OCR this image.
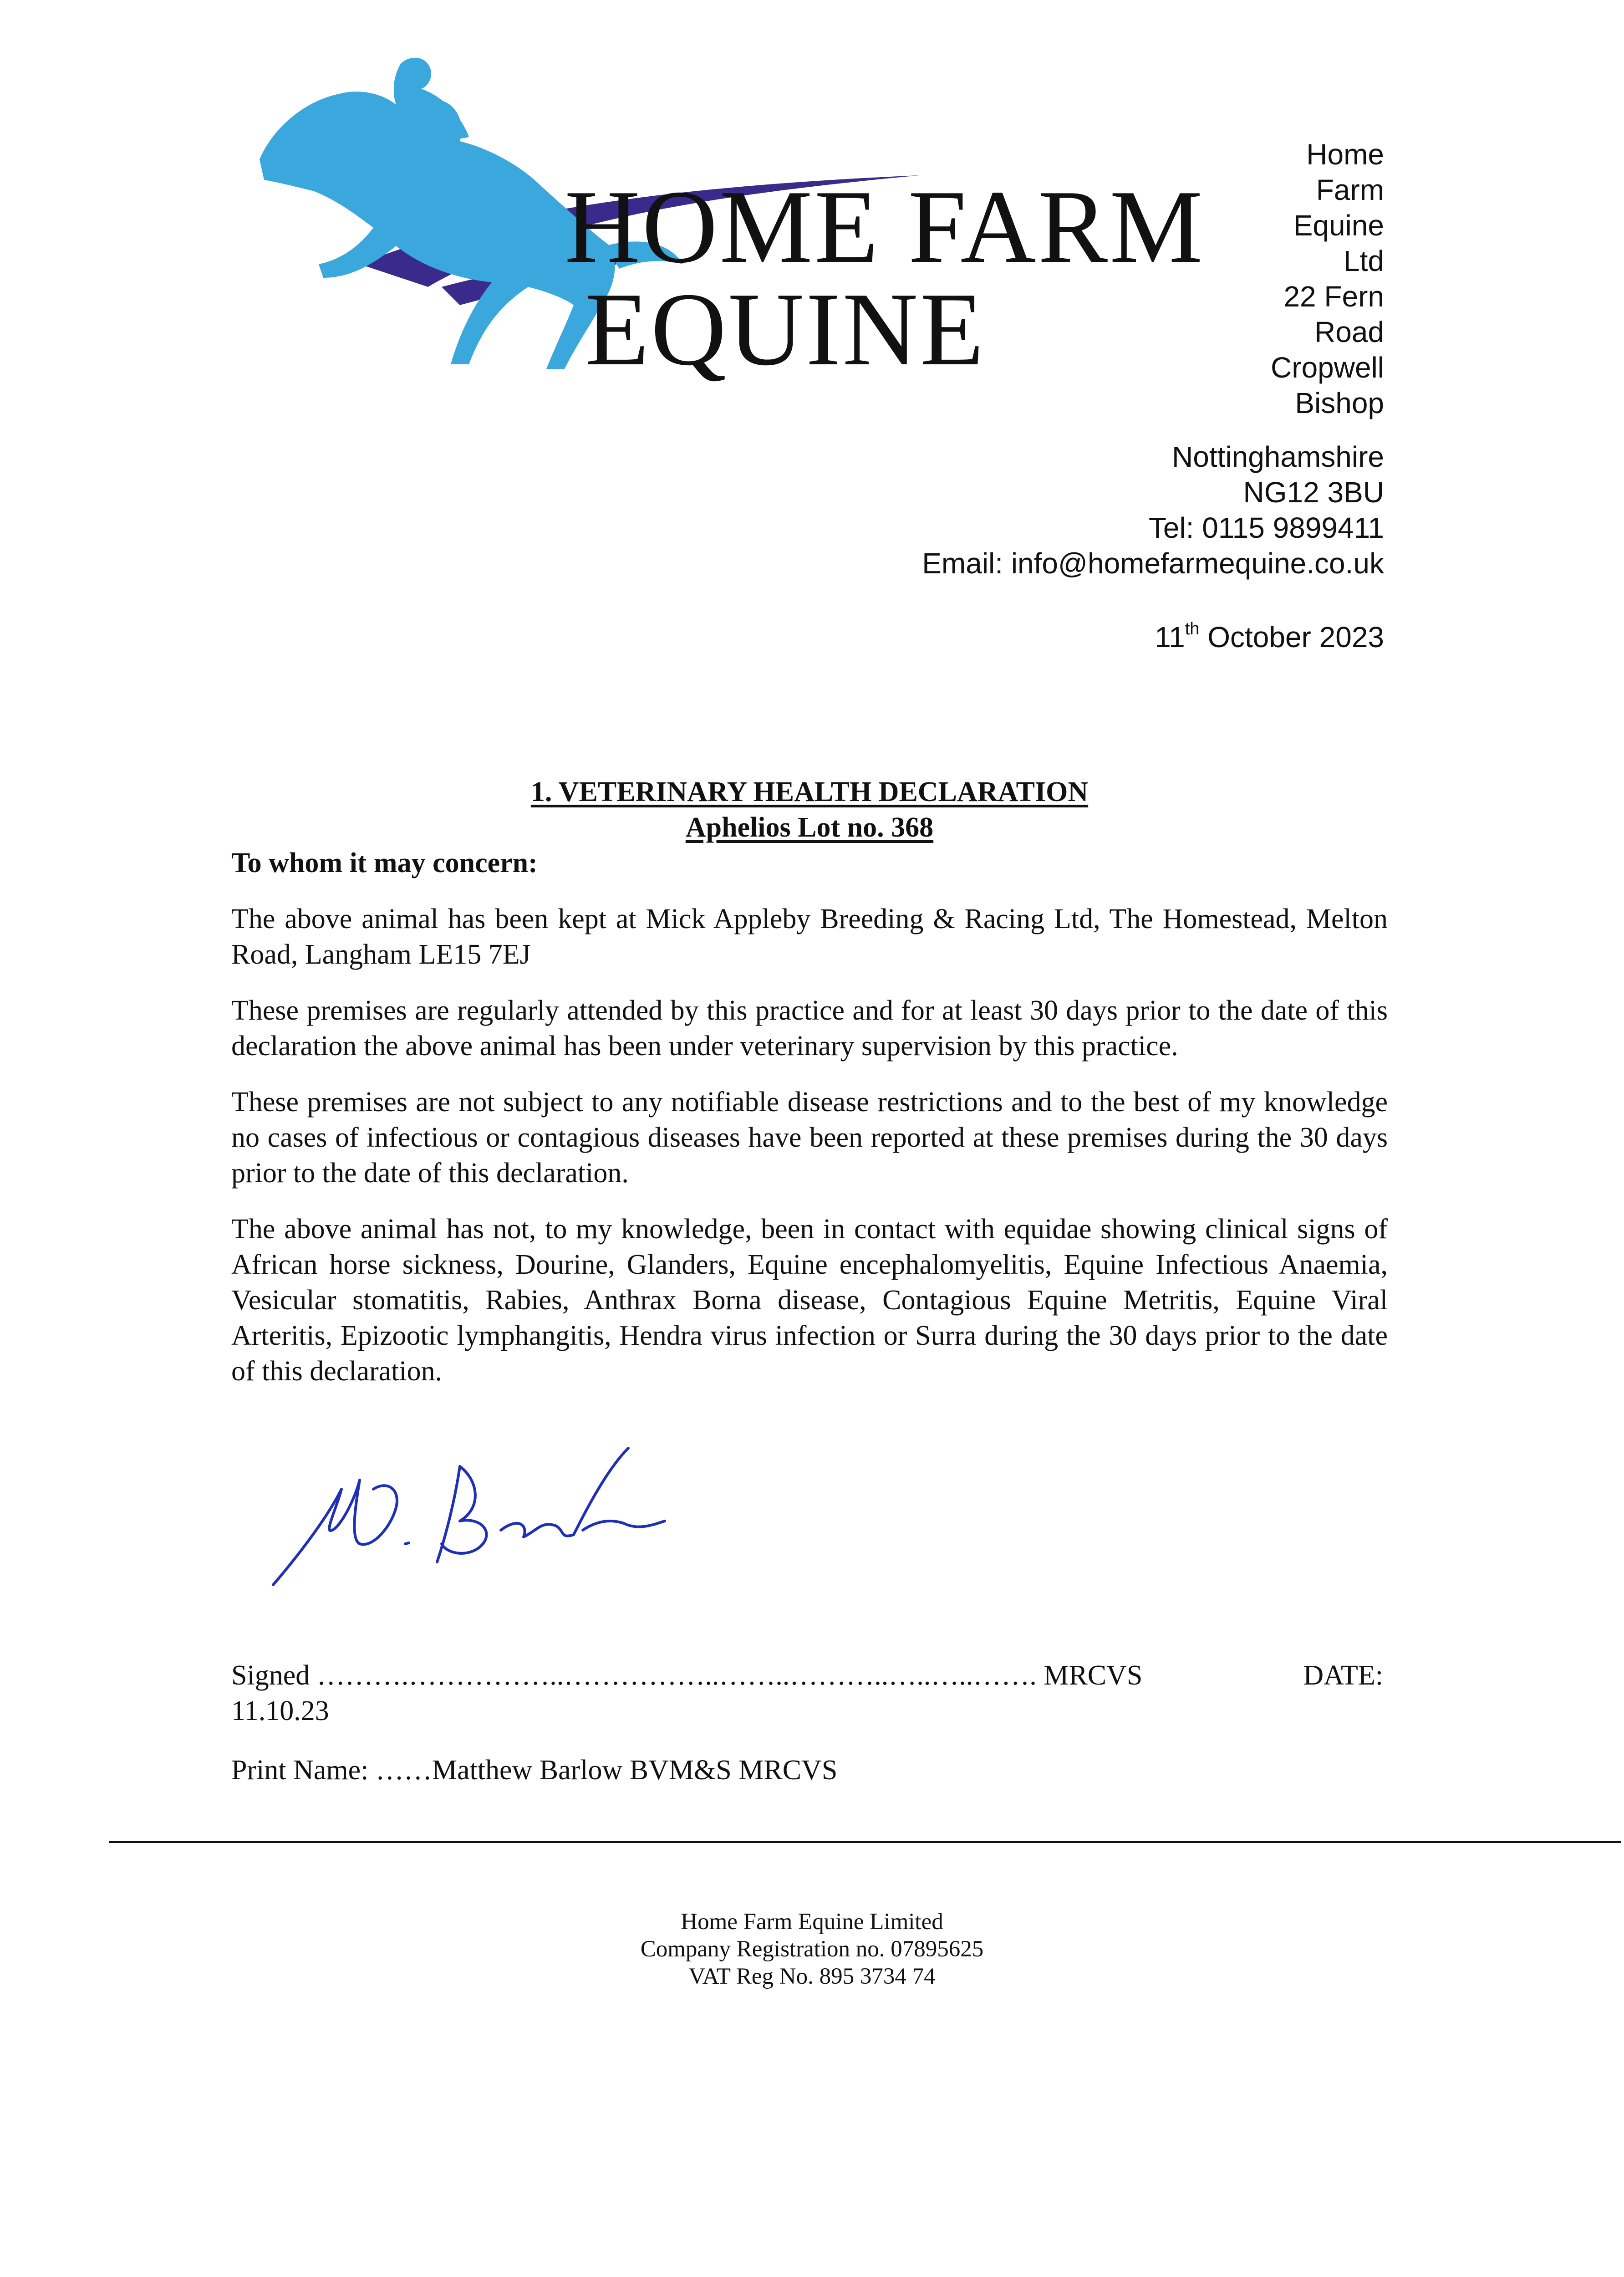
HOME FARM
EQUINE
Home
Farm
Equine
Ltd
22 Fern
Road
Cropwell
Bishop
Nottinghamshire
NG12 3BU
Tel: 0115 9899411
Email: info@homefarmequine.co.uk
11th October 2023
1. VETERINARY HEALTH DECLARATION
Aphelios Lot no. 368
To whom it may concern:

The above animal has been kept at Mick Appleby Breeding & Racing Ltd, The Homestead, Melton Road, Langham LE15 7EJ

These premises are regularly attended by this practice and for at least 30 days prior to the date of this declaration the above animal has been under veterinary supervision by this practice.

These premises are not subject to any notifiable disease restrictions and to the best of my knowledge no cases of infectious or contagious diseases have been reported at these premises during the 30 days prior to the date of this declaration.

The above animal has not, to my knowledge, been in contact with equidae showing clinical signs of African horse sickness, Dourine, Glanders, Equine encephalomyelitis, Equine Infectious Anaemia, Vesicular stomatitis, Rabies, Anthrax Borna disease, Contagious Equine Metritis, Equine Viral Arteritis, Epizootic lymphangitis, Hendra virus infection or Surra during the 30 days prior to the date of this declaration.

Signed ……….……………..……………..……..………..…..…..……. MRCVS	DATE:
11.10.23
Print Name: ……Matthew Barlow BVM&S MRCVS
Home Farm Equine Limited
Company Registration no. 07895625
VAT Reg No. 895 3734 74
